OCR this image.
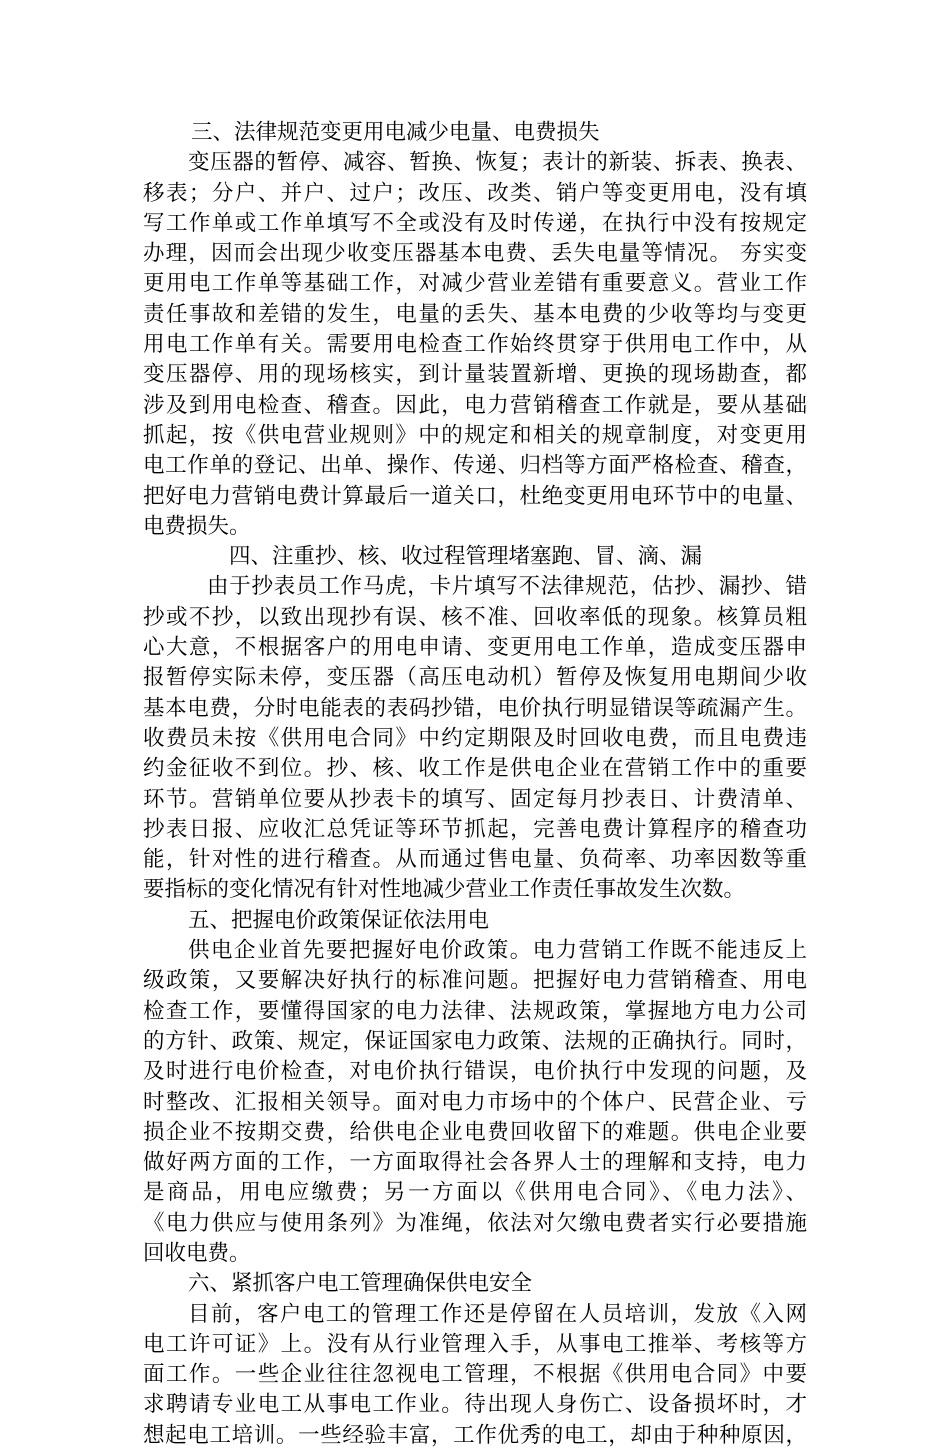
三、法律规范变更用电减少电量、电费损失
变压器的暂停、减容、暂换、恢复；表计的新装、拆表、换表、
移表；分户、并户、过户；改压、改类、销户等变更用电，没有填
写工作单或工作单填写不全或没有及时传递，在执行中没有按规定
办理，因而会出现少收变压器基本电费、丢失电量等情况。 夯实变
更用电工作单等基础工作，对减少营业差错有重要意义。营业工作
责任事故和差错的发生，电量的丢失、基本电费的少收等均与变更
用电工作单有关。需要用电检查工作始终贯穿于供用电工作中，从
变压器停、用的现场核实，到计量装置新增、更换的现场勘查，都
涉及到用电检查、稽查。因此，电力营销稽查工作就是，要从基础
抓起，按《供电营业规则》中的规定和相关的规章制度，对变更用
电工作单的登记、出单、操作、传递、归档等方面严格检查、稽查，
把好电力营销电费计算最后一道关口，杜绝变更用电环节中的电量、
电费损失。
四、注重抄、核、收过程管理堵塞跑、冒、滴、漏
由于抄表员工作马虎，卡片填写不法律规范，估抄、漏抄、错
抄或不抄，以致出现抄有误、核不准、回收率低的现象。核算员粗
心大意，不根据客户的用电申请、变更用电工作单，造成变压器申
报暂停实际未停，变压器（高压电动机）暂停及恢复用电期间少收
基本电费，分时电能表的表码抄错，电价执行明显错误等疏漏产生。
收费员未按《供用电合同》中约定期限及时回收电费，而且电费违
约金征收不到位。抄、核、收工作是供电企业在营销工作中的重要
环节。营销单位要从抄表卡的填写、固定每月抄表日、计费清单、
抄表日报、应收汇总凭证等环节抓起，完善电费计算程序的稽查功
能，针对性的进行稽查。从而通过售电量、负荷率、功率因数等重
要指标的变化情况有针对性地减少营业工作责任事故发生次数。
五、把握电价政策保证依法用电
供电企业首先要把握好电价政策。电力营销工作既不能违反上
级政策，又要解决好执行的标准问题。把握好电力营销稽查、用电
检查工作，要懂得国家的电力法律、法规政策，掌握地方电力公司
的方针、政策、规定，保证国家电力政策、法规的正确执行。同时，
及时进行电价检查，对电价执行错误，电价执行中发现的问题，及
时整改、汇报相关领导。面对电力市场中的个体户、民营企业、亏
损企业不按期交费，给供电企业电费回收留下的难题。供电企业要
做好两方面的工作，一方面取得社会各界人士的理解和支持，电力
是商品，用电应缴费；另一方面以《供用电合同》、《电力法》、
《电力供应与使用条列》为准绳，依法对欠缴电费者实行必要措施
回收电费。
六、紧抓客户电工管理确保供电安全
目前，客户电工的管理工作还是停留在人员培训，发放《入网
电工许可证》上。没有从行业管理入手，从事电工推举、考核等方
面工作。一些企业往往忽视电工管理，不根据《供用电合同》中要
求聘请专业电工从事电工作业。待出现人身伤亡、设备损坏时，才
想起电工培训。一些经验丰富，工作优秀的电工，却由于种种原因，
